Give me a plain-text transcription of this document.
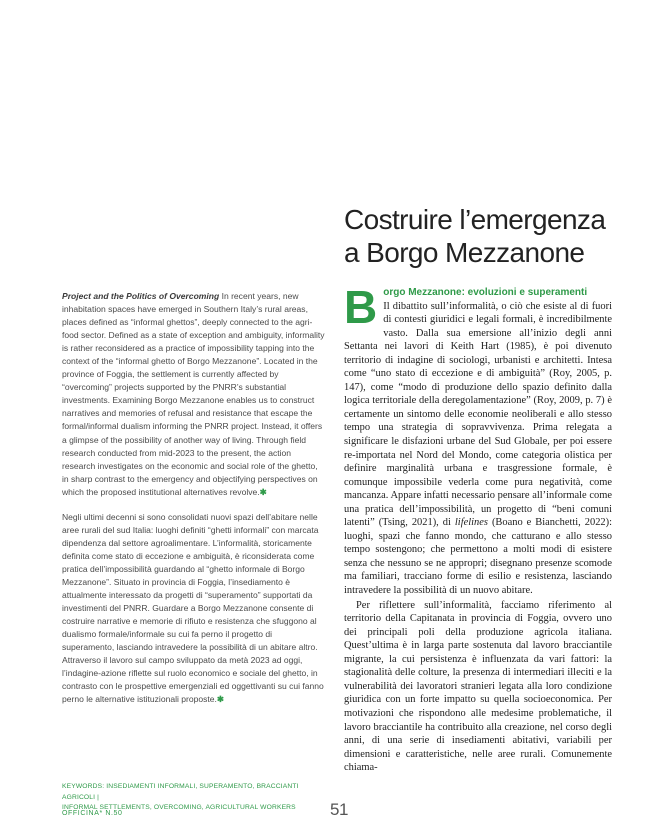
Costruire l’emergenza
a Borgo Mezzanone

Project and the Politics of Overcoming In recent years, new inhabitation spaces have emerged in Southern Italy’s rural areas, places defined as “informal ghettos”, deeply connected to the agri-food sector. Defined as a state of exception and ambiguity, informality is rather reconsidered as a practice of impossibility tapping into the context of the “informal ghetto of Borgo Mezzanone”. Located in the province of Foggia, the settlement is currently affected by “overcoming” projects supported by the PNRR’s substantial investments. Examining Borgo Mezzanone enables us to construct narratives and memories of refusal and resistance that escape the formal/informal dualism informing the PNRR project. Instead, it offers a glimpse of the possibility of another way of living. Through field research conducted from mid-2023 to the present, the action research investigates on the economic and social role of the ghetto, in sharp contrast to the emergency and objectifying perspectives on which the proposed institutional alternatives revolve.✱

Negli ultimi decenni si sono consolidati nuovi spazi dell’abitare nelle aree rurali del sud Italia: luoghi definiti “ghetti informali” con marcata dipendenza dal settore agroalimentare. L’informalità, storicamente definita come stato di eccezione e ambiguità, è riconsiderata come pratica dell’impossibilità guardando al “ghetto informale di Borgo Mezzanone”. Situato in provincia di Foggia, l’insediamento è attualmente interessato da progetti di “superamento” supportati da investimenti del PNRR. Guardare a Borgo Mezzanone consente di costruire narrative e memorie di rifiuto e resistenza che sfuggono al dualismo formale/informale su cui fa perno il progetto di superamento, lasciando intravedere la possibilità di un abitare altro. Attraverso il lavoro sul campo sviluppato da metà 2023 ad oggi, l’indagine-azione riflette sul ruolo economico e sociale del ghetto, in contrasto con le prospettive emergenziali ed oggettivanti su cui fanno perno le alternative istituzionali proposte.✱

KEYWORDS: INSEDIAMENTI INFORMALI, SUPERAMENTO, BRACCIANTI AGRICOLI |
INFORMAL SETTLEMENTS, OVERCOMING, AGRICULTURAL WORKERS
B orgo Mezzanone: evoluzioni e superamenti

Il dibattito sull’informalità, o ciò che esiste al di fuori di contesti giuridici e legali formali, è incredibilmente vasto. Dalla sua emersione all’inizio degli anni Settanta nei lavori di Keith Hart (1985), è poi divenuto territorio di indagine di sociologi, urbanisti e architetti. Intesa come “uno stato di eccezione e di ambiguità” (Roy, 2005, p. 147), come “modo di produzione dello spazio definito dalla logica territoriale della deregolamentazione” (Roy, 2009, p. 7) è certamente un sintomo delle economie neoliberali e allo stesso tempo una strategia di sopravvivenza. Prima relegata a significare le disfazioni urbane del Sud Globale, per poi essere re-importata nel Nord del Mondo, come categoria olistica per definire marginalità urbana e trasgressione formale, è comunque impossibile vederla come pura negatività, come mancanza. Appare infatti necessario pensare all’informale come una pratica dell’impossibilità, un progetto di “beni comuni latenti” (Tsing, 2021), di lifelines (Boano e Bianchetti, 2022): luoghi, spazi che fanno mondo, che catturano e allo stesso tempo sostengono; che permettono a molti modi di esistere senza che nessuno se ne appropri; disegnano presenze scomode ma familiari, tracciano forme di esilio e resistenza, lasciando intravedere la possibilità di un nuovo abitare.

Per riflettere sull’informalità, facciamo riferimento al territorio della Capitanata in provincia di Foggia, ovvero uno dei principali poli della produzione agricola italiana. Quest’ultima è in larga parte sostenuta dal lavoro bracciantile migrante, la cui persistenza è influenzata da vari fattori: la stagionalità delle colture, la presenza di intermediari illeciti e la vulnerabilità dei lavoratori stranieri legata alla loro condizione giuridica con un forte impatto su quella socioeconomica. Per motivazioni che rispondono alle medesime problematiche, il lavoro bracciantile ha contribuito alla creazione, nel corso degli anni, di una serie di insediamenti abitativi, variabili per dimensioni e caratteristiche, nelle aree rurali. Comunemente chiama-

OFFICINA* N.50	51
